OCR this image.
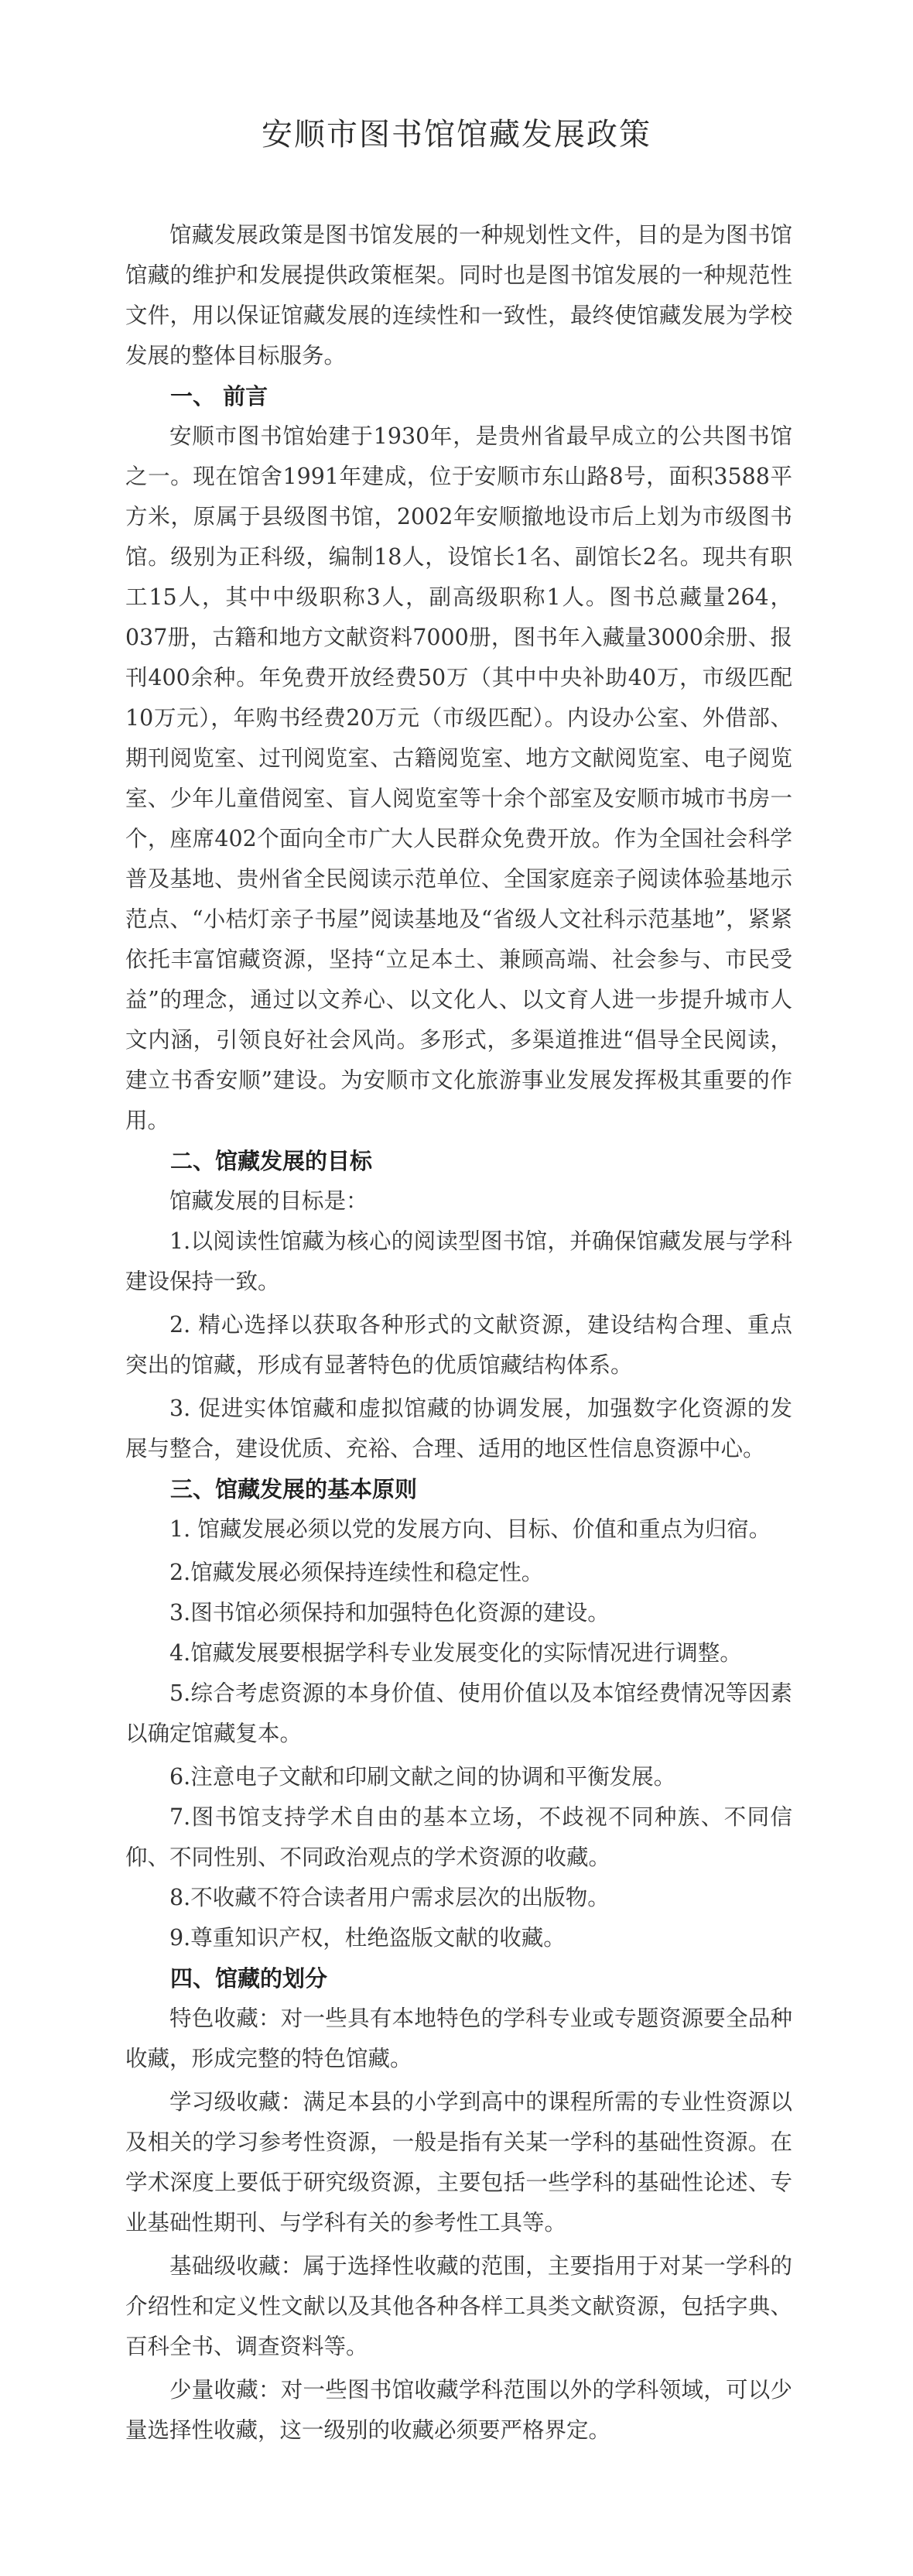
安顺市图书馆馆藏发展政策

馆藏发展政策是图书馆发展的一种规划性文件，目的是为图书馆馆藏的维护和发展提供政策框架。同时也是图书馆发展的一种规范性文件，用以保证馆藏发展的连续性和一致性，最终使馆藏发展为学校发展的整体目标服务。

一、 前言

安顺市图书馆始建于1930年，是贵州省最早成立的公共图书馆之一。现在馆舍1991年建成，位于安顺市东山路8号，面积3588平方米，原属于县级图书馆，2002年安顺撤地设市后上划为市级图书馆。级别为正科级，编制18人，设馆长1名、副馆长2名。现共有职工15人，其中中级职称3人，副高级职称1人。图书总藏量264，037册，古籍和地方文献资料7000册，图书年入藏量3000余册、报刊400余种。年免费开放经费50万（其中中央补助40万，市级匹配10万元），年购书经费20万元（市级匹配）。内设办公室、外借部、期刊阅览室、过刊阅览室、古籍阅览室、地方文献阅览室、电子阅览室、少年儿童借阅室、盲人阅览室等十余个部室及安顺市城市书房一个，座席402个面向全市广大人民群众免费开放。作为全国社会科学普及基地、贵州省全民阅读示范单位、全国家庭亲子阅读体验基地示范点、“小桔灯亲子书屋”阅读基地及“省级人文社科示范基地”，紧紧依托丰富馆藏资源，坚持“立足本土、兼顾高端、社会参与、市民受益”的理念，通过以文养心、以文化人、以文育人进一步提升城市人文内涵，引领良好社会风尚。多形式，多渠道推进“倡导全民阅读，建立书香安顺”建设。为安顺市文化旅游事业发展发挥极其重要的作用。

二、馆藏发展的目标

馆藏发展的目标是：

1.以阅读性馆藏为核心的阅读型图书馆，并确保馆藏发展与学科建设保持一致。

2. 精心选择以获取各种形式的文献资源，建设结构合理、重点突出的馆藏，形成有显著特色的优质馆藏结构体系。

3. 促进实体馆藏和虚拟馆藏的协调发展，加强数字化资源的发展与整合，建设优质、充裕、合理、适用的地区性信息资源中心。

三、馆藏发展的基本原则

1. 馆藏发展必须以党的发展方向、目标、价值和重点为归宿。

2.馆藏发展必须保持连续性和稳定性。

3.图书馆必须保持和加强特色化资源的建设。

4.馆藏发展要根据学科专业发展变化的实际情况进行调整。

5.综合考虑资源的本身价值、使用价值以及本馆经费情况等因素以确定馆藏复本。

6.注意电子文献和印刷文献之间的协调和平衡发展。

7.图书馆支持学术自由的基本立场，不歧视不同种族、不同信仰、不同性别、不同政治观点的学术资源的收藏。

8.不收藏不符合读者用户需求层次的出版物。

9.尊重知识产权，杜绝盗版文献的收藏。

四、馆藏的划分

特色收藏：对一些具有本地特色的学科专业或专题资源要全品种收藏，形成完整的特色馆藏。

学习级收藏：满足本县的小学到高中的课程所需的专业性资源以及相关的学习参考性资源，一般是指有关某一学科的基础性资源。在学术深度上要低于研究级资源，主要包括一些学科的基础性论述、专业基础性期刊、与学科有关的参考性工具等。

基础级收藏：属于选择性收藏的范围，主要指用于对某一学科的介绍性和定义性文献以及其他各种各样工具类文献资源，包括字典、百科全书、调查资料等。

少量收藏：对一些图书馆收藏学科范围以外的学科领域，可以少量选择性收藏，这一级别的收藏必须要严格界定。
